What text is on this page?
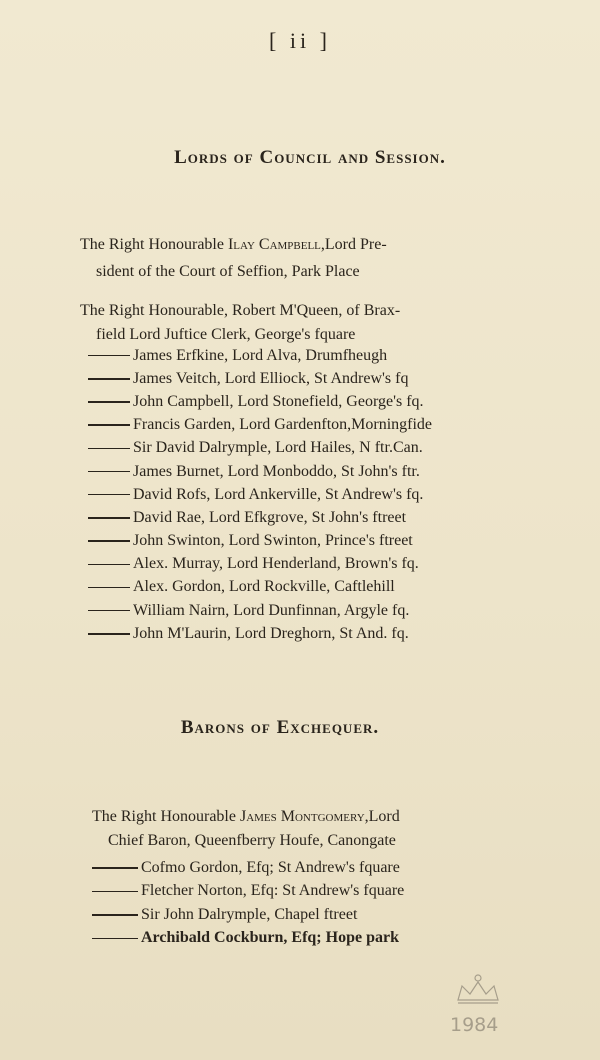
[ ii ]
Lords of Council and Session.
The Right Honourable Ilay Campbell,Lord Pre-
sident of the Court of Seffion, Park Place
The Right Honourable, Robert M'Queen, of Brax-
field Lord Juftice Clerk, George's fquare
James Erfkine, Lord Alva, Drumfheugh
James Veitch, Lord Elliock, St Andrew's fq
John Campbell, Lord Stonefield, George's fq.
Francis Garden, Lord Gardenfton,Morningfide
Sir David Dalrymple, Lord Hailes, N ftr.Can.
James Burnet, Lord Monboddo, St John's ftr.
David Rofs, Lord Ankerville, St Andrew's fq.
David Rae, Lord Efkgrove, St John's ftreet
John Swinton, Lord Swinton, Prince's ftreet
Alex. Murray, Lord Henderland, Brown's fq.
Alex. Gordon, Lord Rockville, Caftlehill
William Nairn, Lord Dunfinnan, Argyle fq.
John M'Laurin, Lord Dreghorn, St And. fq.
Barons of Exchequer.
The Right Honourable James Montgomery,Lord
Chief Baron, Queenfberry Houfe, Canongate
Cofmo Gordon, Efq; St Andrew's fquare
Fletcher Norton, Efq: St Andrew's fquare
Sir John Dalrymple, Chapel ftreet
Archibald Cockburn, Efq; Hope park
1984
